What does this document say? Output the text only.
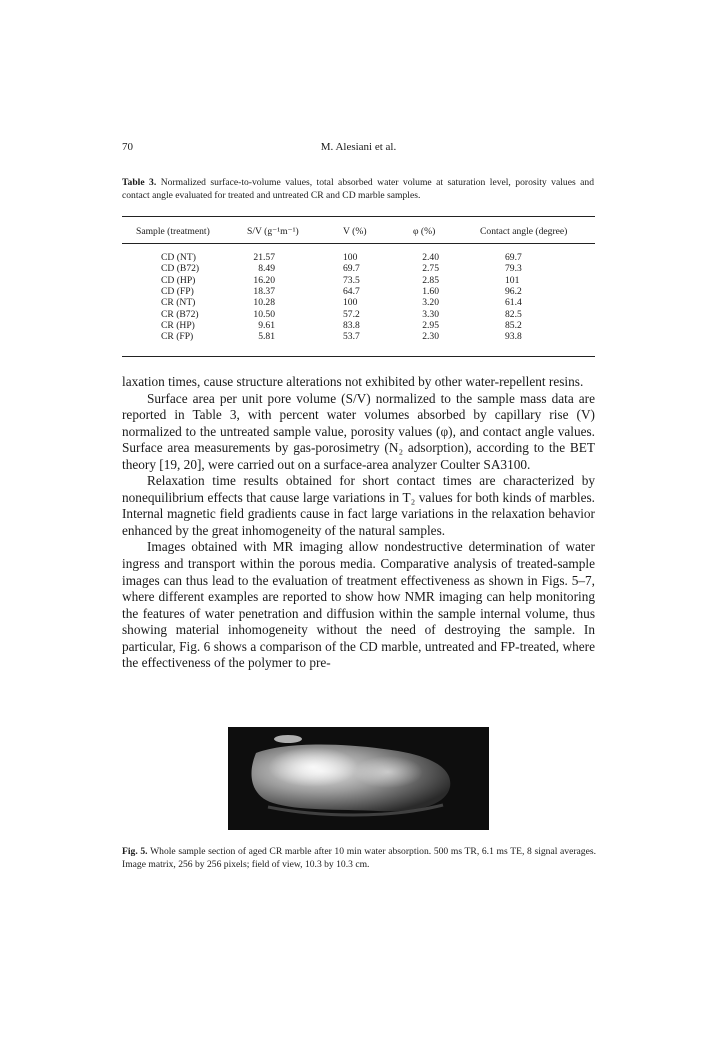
70	M. Alesiani et al.
Table 3. Normalized surface-to-volume values, total absorbed water volume at saturation level, porosity values and contact angle evaluated for treated and untreated CR and CD marble samples.
Sample (treatment)	S/V (g⁻¹m⁻¹)	V (%)	φ (%)	Contact angle (degree)
CD (NT)	21.57	100	2.40	69.7
CD (B72)	8.49	69.7	2.75	79.3
CD (HP)	16.20	73.5	2.85	101
CD (FP)	18.37	64.7	1.60	96.2
CR (NT)	10.28	100	3.20	61.4
CR (B72)	10.50	57.2	3.30	82.5
CR (HP)	9.61	83.8	2.95	85.2
CR (FP)	5.81	53.7	2.30	93.8

laxation times, cause structure alterations not exhibited by other water-repellent resins.

Surface area per unit pore volume (S/V) normalized to the sample mass data are reported in Table 3, with percent water volumes absorbed by capillary rise (V) normalized to the untreated sample value, porosity values (φ), and contact angle values. Surface area measurements by gas-porosimetry (N₂ adsorption), according to the BET theory [19, 20], were carried out on a surface-area analyzer Coulter SA3100.

Relaxation time results obtained for short contact times are characterized by nonequilibrium effects that cause large variations in T₂ values for both kinds of marbles. Internal magnetic field gradients cause in fact large variations in the relaxation behavior enhanced by the great inhomogeneity of the natural samples.

Images obtained with MR imaging allow nondestructive determination of water ingress and transport within the porous media. Comparative analysis of treated-sample images can thus lead to the evaluation of treatment effectiveness as shown in Figs. 5–7, where different examples are reported to show how NMR imaging can help monitoring the features of water penetration and diffusion within the sample internal volume, thus showing material inhomogeneity without the need of destroying the sample. In particular, Fig. 6 shows a comparison of the CD marble, untreated and FP-treated, where the effectiveness of the polymer to pre-

Fig. 5. Whole sample section of aged CR marble after 10 min water absorption. 500 ms TR, 6.1 ms TE, 8 signal averages. Image matrix, 256 by 256 pixels; field of view, 10.3 by 10.3 cm.
